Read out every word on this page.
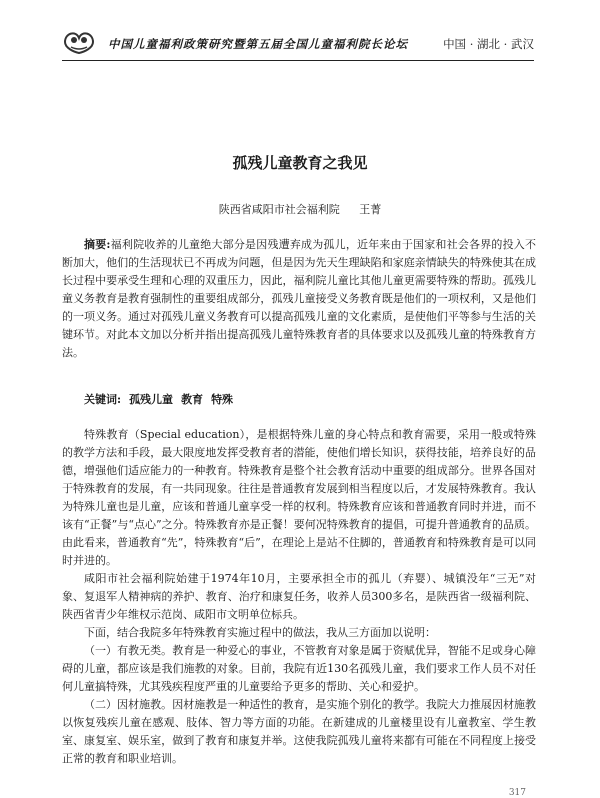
中国儿童福利政策研究暨第五届全国儿童福利院长论坛	中国 · 湖北 · 武汉
孤残儿童教育之我见
陕西省咸阳市社会福利院 王菁

摘要:福利院收养的儿童绝大部分是因残遭弃成为孤儿，近年来由于国家和社会各界的投入不断加大，他们的生活现状已不再成为问题，但是因为先天生理缺陷和家庭亲情缺失的特殊使其在成长过程中要承受生理和心理的双重压力，因此，福利院儿童比其他儿童更需要特殊的帮助。孤残儿童义务教育是教育强制性的重要组成部分，孤残儿童接受义务教育既是他们的一项权利，又是他们的一项义务。通过对孤残儿童义务教育可以提高孤残儿童的文化素质，是使他们平等参与生活的关键环节。对此本文加以分析并指出提高孤残儿童特殊教育者的具体要求以及孤残儿童的特殊教育方法。

关键词: 孤残儿童 教育 特殊

特殊教育（Special education），是根据特殊儿童的身心特点和教育需要，采用一般或特殊的教学方法和手段，最大限度地发挥受教育者的潜能，使他们增长知识，获得技能，培养良好的品德，增强他们适应能力的一种教育。特殊教育是整个社会教育活动中重要的组成部分。世界各国对于特殊教育的发展，有一共同现象。往往是普通教育发展到相当程度以后，才发展特殊教育。我认为特殊儿童也是儿童，应该和普通儿童享受一样的权利。特殊教育应该和普通教育同时并进，而不该有“正餐”与“点心”之分。特殊教育亦是正餐！要何况特殊教育的提倡，可提升普通教育的品质。由此看来，普通教育“先”，特殊教育“后”，在理论上是站不住脚的，普通教育和特殊教育是可以同时并进的。

咸阳市社会福利院始建于1974年10月，主要承担全市的孤儿（弃婴）、城镇没年“三无”对象、复退军人精神病的养护、教育、治疗和康复任务，收养人员300多名，是陕西省一级福利院、陕西省青少年维权示范岗、咸阳市文明单位标兵。

下面，结合我院多年特殊教育实施过程中的做法，我从三方面加以说明：

（一）有教无类。教育是一种爱心的事业，不管教育对象是属于资赋优异，智能不足或身心障碍的儿童，都应该是我们施教的对象。目前，我院有近130名孤残儿童，我们要求工作人员不对任何儿童搞特殊，尤其残疾程度严重的儿童要给予更多的帮助、关心和爱护。

（二）因材施教。因材施教是一种适性的教育，是实施个别化的教学。我院大力推展因材施教以恢复残疾儿童在感观、肢体、智力等方面的功能。在新建成的儿童楼里设有儿童教室、学生教室、康复室、娱乐室，做到了教育和康复并举。这使我院孤残儿童将来都有可能在不同程度上接受正常的教育和职业培训。

317
